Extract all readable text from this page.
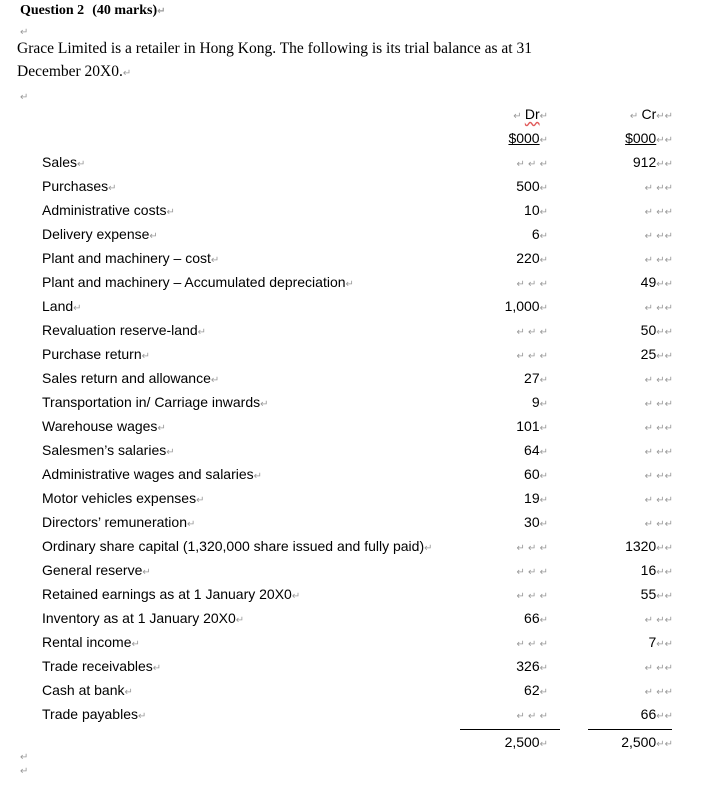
Question 2 (40 marks)↵
↵
Grace Limited is a retailer in Hong Kong. The following is its trial balance as at 31
December 20X0.↵
↵
↵ Dr↵	↵ Cr↵↵
$000↵	$000↵↵
Sales↵	↵ ↵ ↵	912↵↵
Purchases↵	500↵	↵ ↵↵
Administrative costs↵	10↵	↵ ↵↵
Delivery expense↵	6↵	↵ ↵↵
Plant and machinery – cost↵	220↵	↵ ↵↵
Plant and machinery – Accumulated depreciation↵	↵ ↵ ↵	49↵↵
Land↵	1,000↵	↵ ↵↵
Revaluation reserve-land↵	↵ ↵ ↵	50↵↵
Purchase return↵	↵ ↵ ↵	25↵↵
Sales return and allowance↵	27↵	↵ ↵↵
Transportation in/ Carriage inwards↵	9↵	↵ ↵↵
Warehouse wages↵	101↵	↵ ↵↵
Salesmen’s salaries↵	64↵	↵ ↵↵
Administrative wages and salaries↵	60↵	↵ ↵↵
Motor vehicles expenses↵	19↵	↵ ↵↵
Directors’ remuneration↵	30↵	↵ ↵↵
Ordinary share capital (1,320,000 share issued and fully paid)↵	↵ ↵ ↵	1320↵↵
General reserve↵	↵ ↵ ↵	16↵↵
Retained earnings as at 1 January 20X0↵	↵ ↵ ↵	55↵↵
Inventory as at 1 January 20X0↵	66↵	↵ ↵↵
Rental income↵	↵ ↵ ↵	7↵↵
Trade receivables↵	326↵	↵ ↵↵
Cash at bank↵	62↵	↵ ↵↵
Trade payables↵	↵ ↵ ↵	66↵↵
2,500↵	2,500↵↵
↵
↵
